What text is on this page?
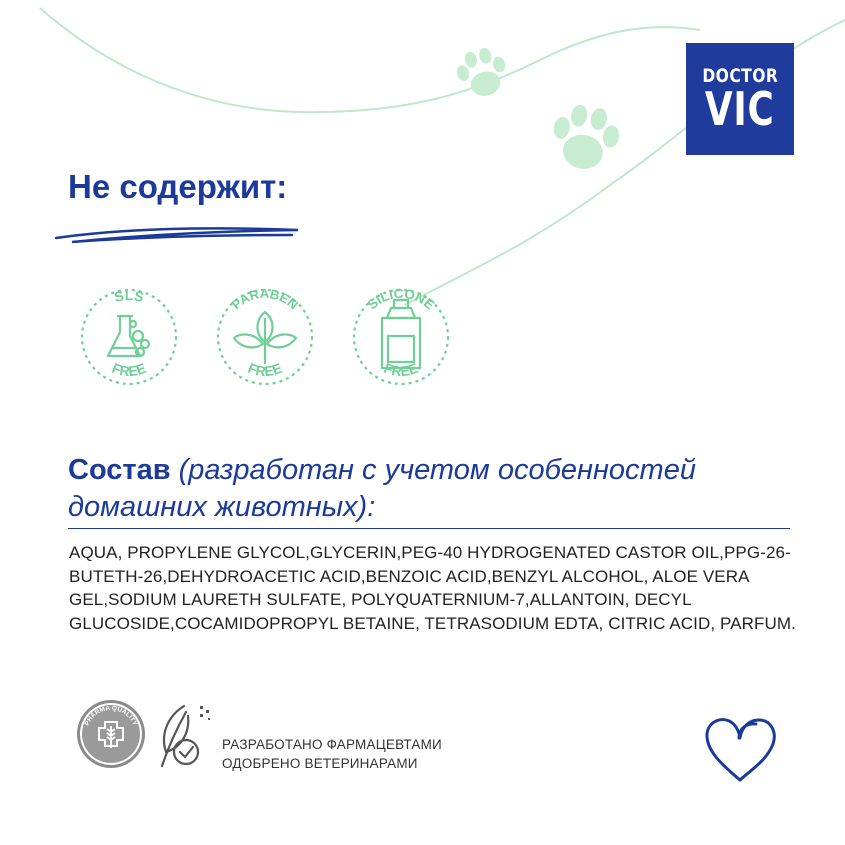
DOCTOR
VIC
Не содержит:
SLS
FREE
PARABEN
FREE
SILICONE
FREE

Состав (разработан с учетом особенностей домашних животных):

AQUA, PROPYLENE GLYCOL,GLYCERIN,PEG-40 HYDROGENATED CASTOR OIL,PPG-26-BUTETH-26,DEHYDROACETIC ACID,BENZOIC ACID,BENZYL ALCOHOL, ALOE VERA GEL,SODIUM LAURETH SULFATE, POLYQUATERNIUM-7,ALLANTOIN, DECYL GLUCOSIDE,COCAMIDOPROPYL BETAINE, TETRASODIUM EDTA, CITRIC ACID, PARFUM.

PHARMA QUALITY
РАЗРАБОТАНО ФАРМАЦЕВТАМИ
ОДОБРЕНО ВЕТЕРИНАРАМИ
